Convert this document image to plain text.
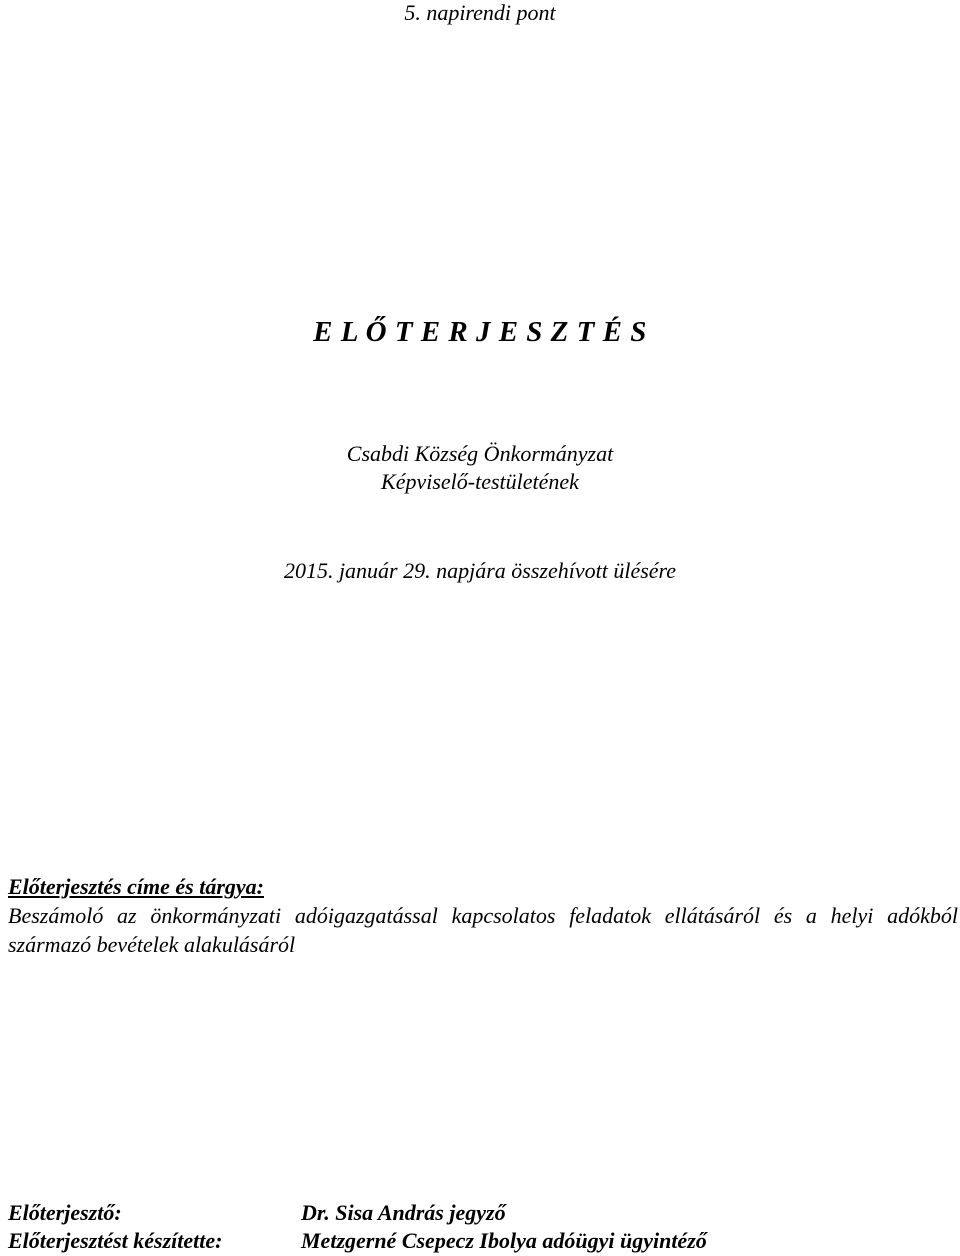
5. napirendi pont
E L Ő T E R J E S Z T É S
Csabdi Község Önkormányzat
Képviselő-testületének
2015. január 29. napjára összehívott ülésére
Előterjesztés címe és tárgya:
Beszámoló az önkormányzati adóigazgatással kapcsolatos feladatok ellátásáról és a helyi adókból származó bevételek alakulásáról
Előterjesztő:	Dr. Sisa András jegyző
Előterjesztést készítette:	Metzgerné Csepecz Ibolya adóügyi ügyintéző
